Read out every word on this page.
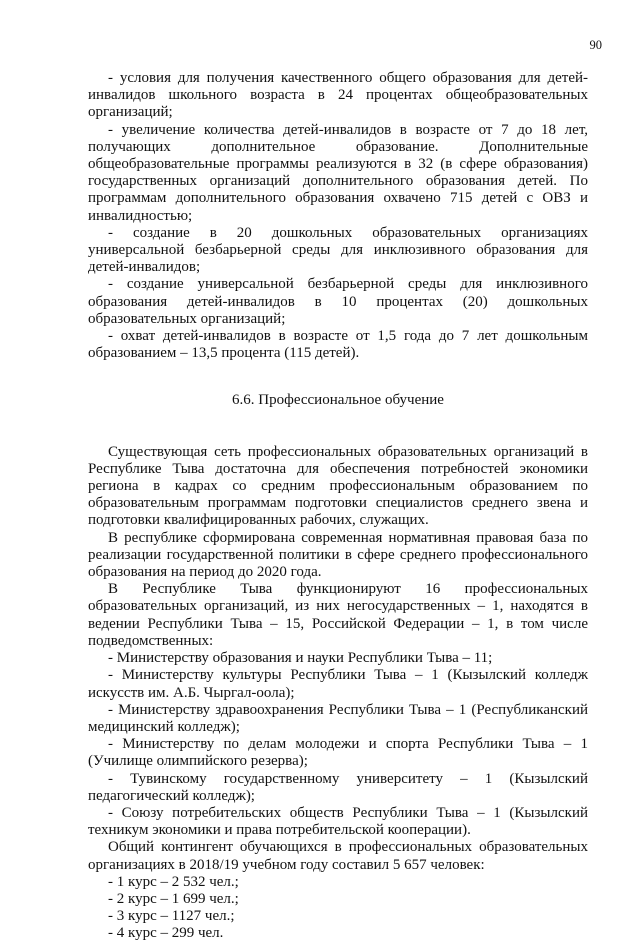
90

- условия для получения качественного общего образования для детей-инвалидов школьного возраста в 24 процентах общеобразовательных организаций;

- увеличение количества детей-инвалидов в возрасте от 7 до 18 лет, получающих дополнительное образование. Дополнительные общеобразовательные программы реализуются в 32 (в сфере образования) государственных организаций дополнительного образования детей. По программам дополнительного образования охвачено 715 детей с ОВЗ и инвалидностью;

- создание в 20 дошкольных образовательных организациях универсальной безбарьерной среды для инклюзивного образования для детей-инвалидов;

- создание универсальной безбарьерной среды для инклюзивного образования детей-инвалидов в 10 процентах (20) дошкольных образовательных организаций;

- охват детей-инвалидов в возрасте от 1,5 года до 7 лет дошкольным образованием – 13,5 процента (115 детей).

6.6. Профессиональное обучение

Существующая сеть профессиональных образовательных организаций в Республике Тыва достаточна для обеспечения потребностей экономики региона в кадрах со средним профессиональным образованием по образовательным программам подготовки специалистов среднего звена и подготовки квалифицированных рабочих, служащих.

В республике сформирована современная нормативная правовая база по реализации государственной политики в сфере среднего профессионального образования на период до 2020 года.

В Республике Тыва функционируют 16 профессиональных образовательных организаций, из них негосударственных – 1, находятся в ведении Республики Тыва – 15, Российской Федерации – 1, в том числе подведомственных:

- Министерству образования и науки Республики Тыва – 11;

- Министерству культуры Республики Тыва – 1 (Кызылский колледж искусств им. А.Б. Чыргал-оола);

- Министерству здравоохранения Республики Тыва – 1 (Республиканский медицинский колледж);

- Министерству по делам молодежи и спорта Республики Тыва – 1 (Училище олимпийского резерва);

- Тувинскому государственному университету – 1 (Кызылский педагогический колледж);

- Союзу потребительских обществ Республики Тыва – 1 (Кызылский техникум экономики и права потребительской кооперации).

Общий контингент обучающихся в профессиональных образовательных организациях в 2018/19 учебном году составил 5 657 человек:

- 1 курс – 2 532 чел.;

- 2 курс – 1 699 чел.;

- 3 курс – 1127 чел.;

- 4 курс – 299 чел.
